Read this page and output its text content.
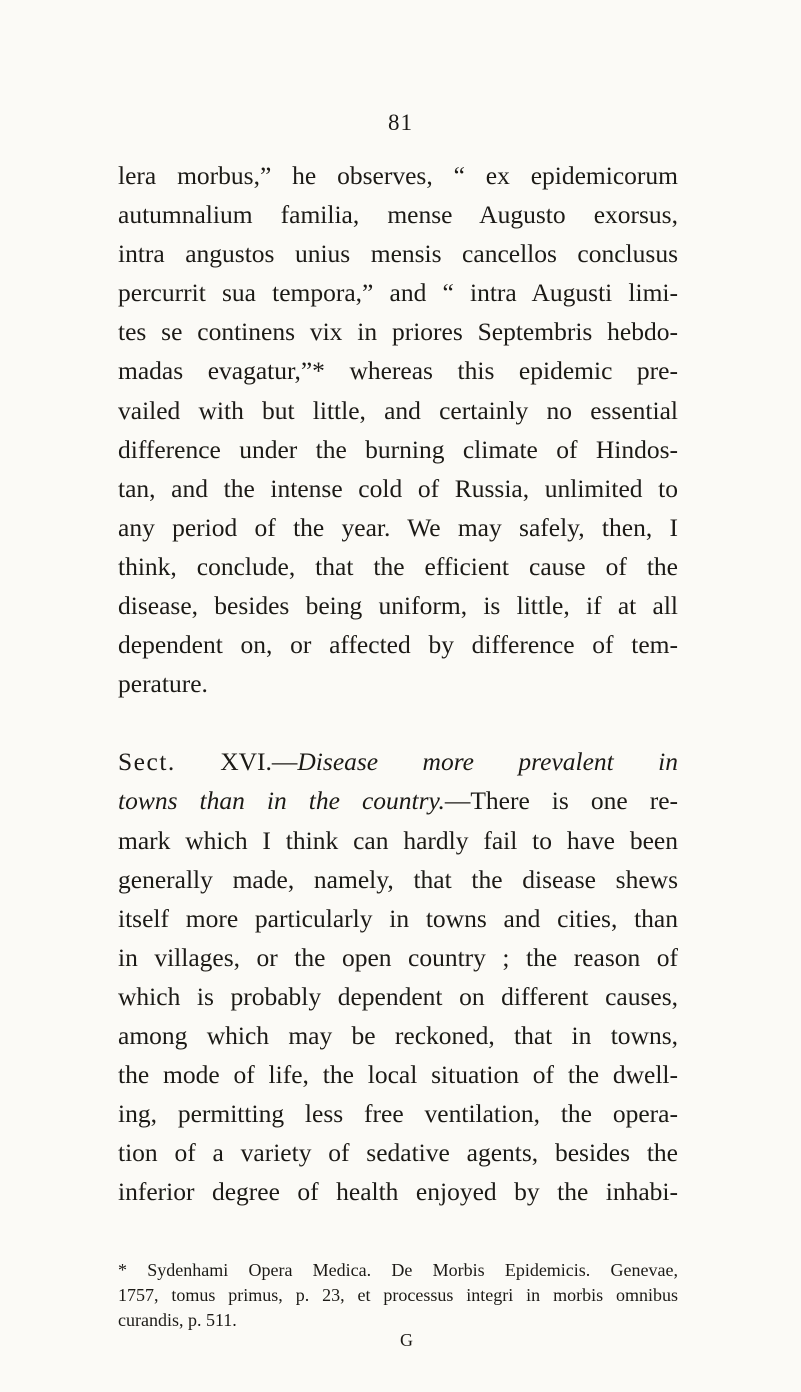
81
lera morbus,” he observes, “ ex epidemicorum
autumnalium familia, mense Augusto exorsus,
intra angustos unius mensis cancellos conclusus
percurrit sua tempora,” and “ intra Augusti limi-
tes se continens vix in priores Septembris hebdo-
madas evagatur,”* whereas this epidemic pre-
vailed with but little, and certainly no essential
difference under the burning climate of Hindos-
tan, and the intense cold of Russia, unlimited to
any period of the year. We may safely, then, I
think, conclude, that the efficient cause of the
disease, besides being uniform, is little, if at all
dependent on, or affected by difference of tem-
perature.
Sect. XVI.—Disease more prevalent in
towns than in the country.—There is one re-
mark which I think can hardly fail to have been
generally made, namely, that the disease shews
itself more particularly in towns and cities, than
in villages, or the open country ; the reason of
which is probably dependent on different causes,
among which may be reckoned, that in towns,
the mode of life, the local situation of the dwell-
ing, permitting less free ventilation, the opera-
tion of a variety of sedative agents, besides the
inferior degree of health enjoyed by the inhabi-
* Sydenhami Opera Medica. De Morbis Epidemicis. Genevae,
1757, tomus primus, p. 23, et processus integri in morbis omnibus
curandis, p. 511.
G
